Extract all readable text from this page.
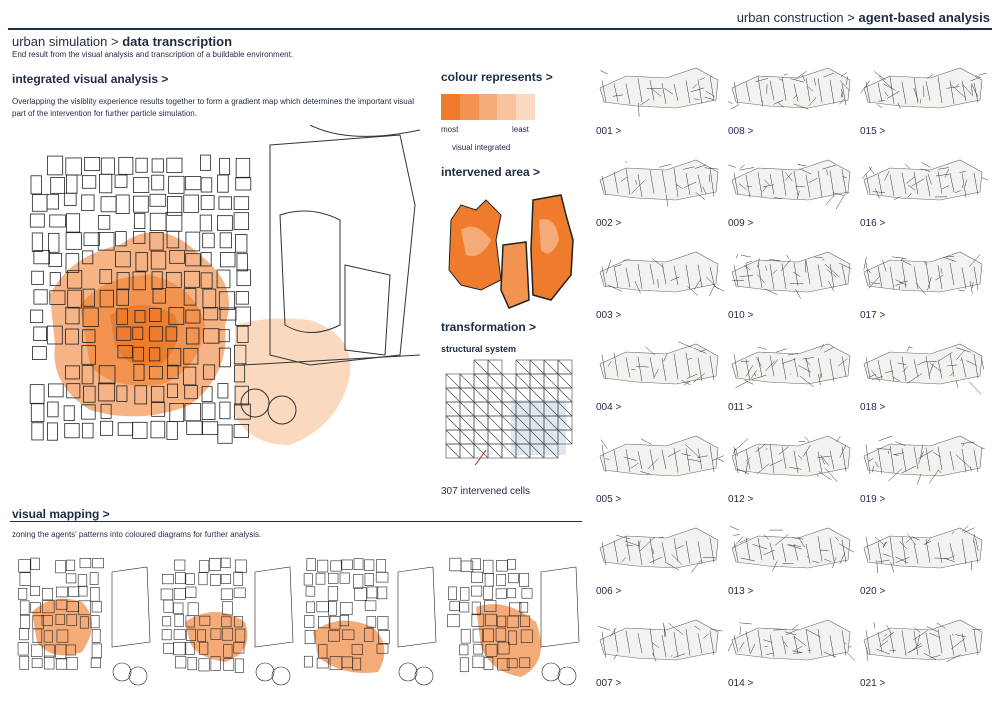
urban construction > agent-based analysis
urban simulation > data transcription
End result from the visual analysis and transcription of a buildable environment.
integrated visual analysis >
Overlapping the visiblity experience results together to form a gradient map which determines the important visual part of the intervention for further particle simulation.
colour represents >
most	least
visual integrated
intervened area >
transformation >
structural system
307 intervened cells
visual mapping >
zoning the agents' patterns into coloured diagrams for further analysis.
001 >	008 >	015 >
002 >	009 >	016 >
003 >	010 >	017 >
004 >	011 >	018 >
005 >	012 >	019 >
006 >	013 >	020 >
007 >	014 >	021 >
